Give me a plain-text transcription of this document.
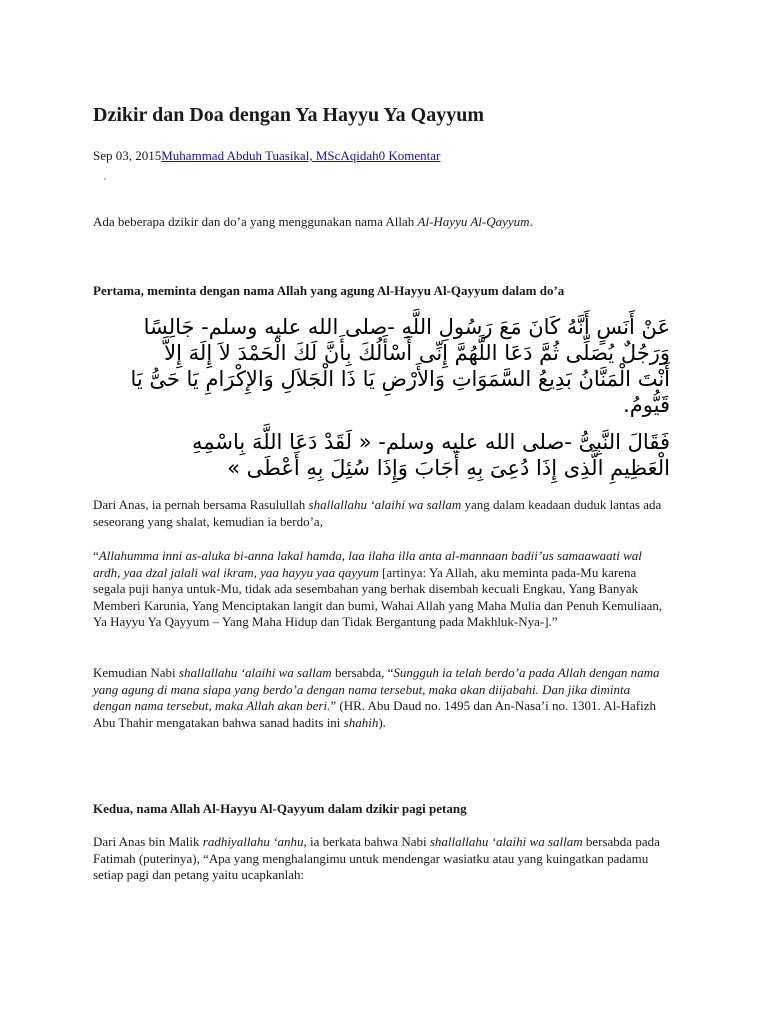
Dzikir dan Doa dengan Ya Hayyu Ya Qayyum
Sep 03, 2015Muhammad Abduh Tuasikal, MScAqidah0 Komentar

Ada beberapa dzikir dan do’a yang menggunakan nama Allah Al-Hayyu Al-Qayyum.

Pertama, meminta dengan nama Allah yang agung Al-Hayyu Al-Qayyum dalam do’a

عَنْ أَنَسٍ أَنَّهُ كَانَ مَعَ رَسُولِ اللَّهِ -صلى الله عليه وسلم- جَالِسًا
وَرَجُلٌ يُصَلِّى ثُمَّ دَعَا اللَّهُمَّ إِنِّى أَسْأَلُكَ بِأَنَّ لَكَ الْحَمْدَ لاَ إِلَهَ إِلاَّ
أَنْتَ الْمَنَّانُ بَدِيعُ السَّمَوَاتِ وَالأَرْضِ يَا ذَا الْجَلاَلِ وَالإِكْرَامِ يَا حَىُّ يَا
قَيُّومُ.
فَقَالَ النَّبِىُّ -صلى الله عليه وسلم- « لَقَدْ دَعَا اللَّهَ بِاسْمِهِ
الْعَظِيمِ الَّذِى إِذَا دُعِىَ بِهِ أَجَابَ وَإِذَا سُئِلَ بِهِ أَعْطَى »

Dari Anas, ia pernah bersama Rasulullah shallallahu ‘alaihi wa sallam yang dalam keadaan duduk lantas ada seseorang yang shalat, kemudian ia berdo’a,

“Allahumma inni as-aluka bi-anna lakal hamda, laa ilaha illa anta al-mannaan badii’us samaawaati wal ardh, yaa dzal jalali wal ikram, yaa hayyu yaa qayyum [artinya: Ya Allah, aku meminta pada-Mu karena segala puji hanya untuk-Mu, tidak ada sesembahan yang berhak disembah kecuali Engkau, Yang Banyak Memberi Karunia, Yang Menciptakan langit dan bumi, Wahai Allah yang Maha Mulia dan Penuh Kemuliaan, Ya Hayyu Ya Qayyum – Yang Maha Hidup dan Tidak Bergantung pada Makhluk-Nya-].”

Kemudian Nabi shallallahu ‘alaihi wa sallam bersabda, “Sungguh ia telah berdo’a pada Allah dengan nama yang agung di mana siapa yang berdo’a dengan nama tersebut, maka akan diijabahi. Dan jika diminta dengan nama tersebut, maka Allah akan beri.” (HR. Abu Daud no. 1495 dan An-Nasa’i no. 1301. Al-Hafizh Abu Thahir mengatakan bahwa sanad hadits ini shahih).

Kedua, nama Allah Al-Hayyu Al-Qayyum dalam dzikir pagi petang

Dari Anas bin Malik radhiyallahu ‘anhu, ia berkata bahwa Nabi shallallahu ‘alaihi wa sallam bersabda pada Fatimah (puterinya), “Apa yang menghalangimu untuk mendengar wasiatku atau yang kuingatkan padamu setiap pagi dan petang yaitu ucapkanlah:
